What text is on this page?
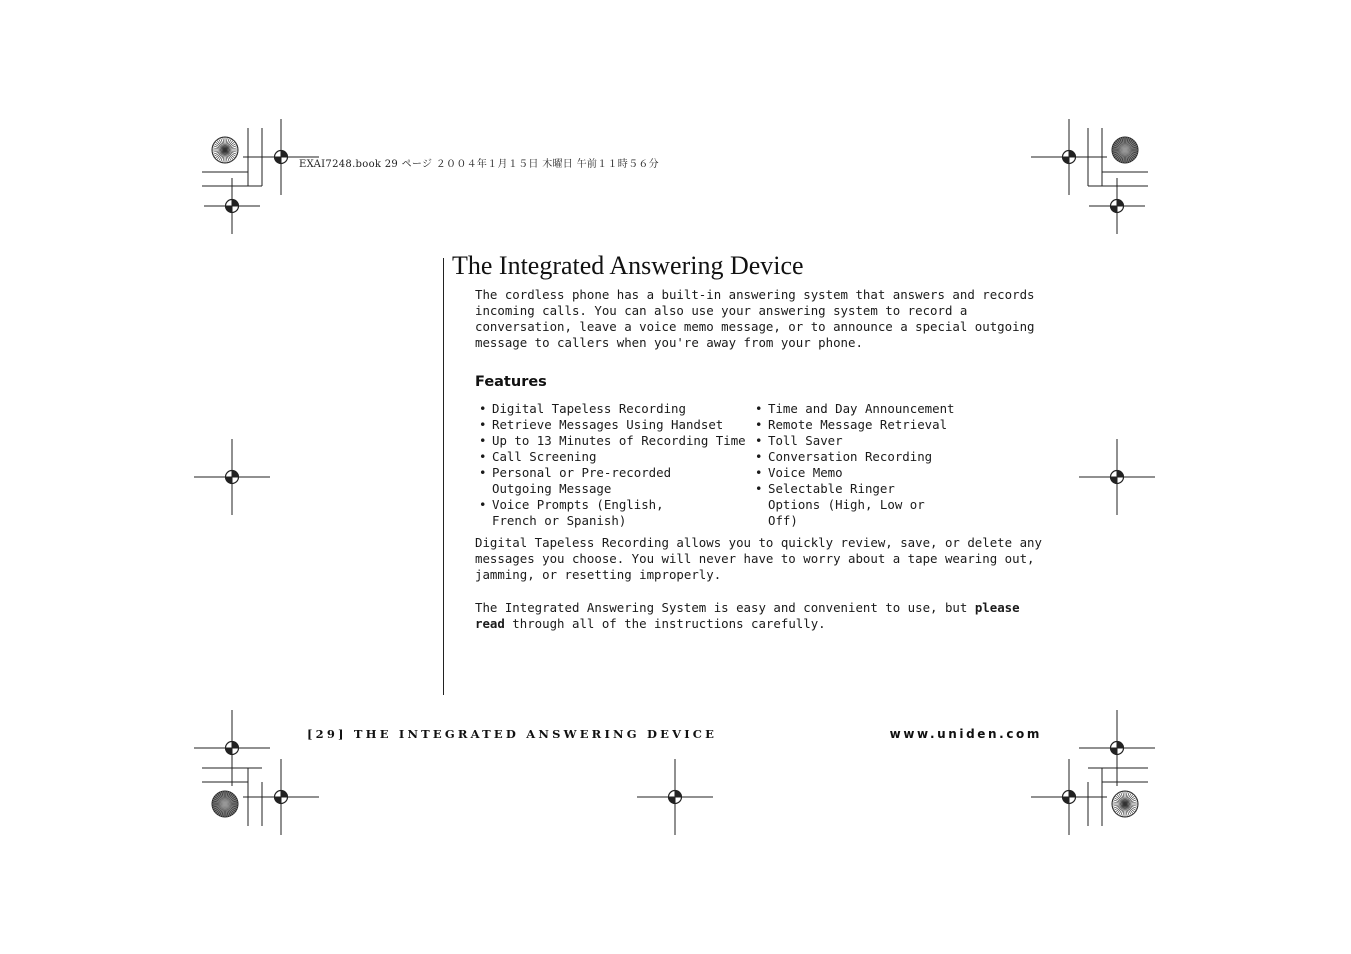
EXAI7248.book 29 ページ ２００４年１月１５日 木曜日 午前１１時５６分
The Integrated Answering Device
The cordless phone has a built-in answering system that answers and records incoming calls. You can also use your answering system to record a conversation, leave a voice memo message, or to announce a special outgoing message to callers when you're away from your phone.
Features
• Digital Tapeless Recording
• Retrieve Messages Using Handset
• Up to 13 Minutes of Recording Time
• Call Screening
• Personal or Pre-recorded Outgoing Message
• Voice Prompts (English, French or Spanish)
• Time and Day Announcement
• Remote Message Retrieval
• Toll Saver
• Conversation Recording
• Voice Memo
• Selectable Ringer Options (High, Low or Off)
Digital Tapeless Recording allows you to quickly review, save, or delete any messages you choose. You will never have to worry about a tape wearing out, jamming, or resetting improperly.
The Integrated Answering System is easy and convenient to use, but please read through all of the instructions carefully.
[29] THE INTEGRATED ANSWERING DEVICE	www.uniden.com
